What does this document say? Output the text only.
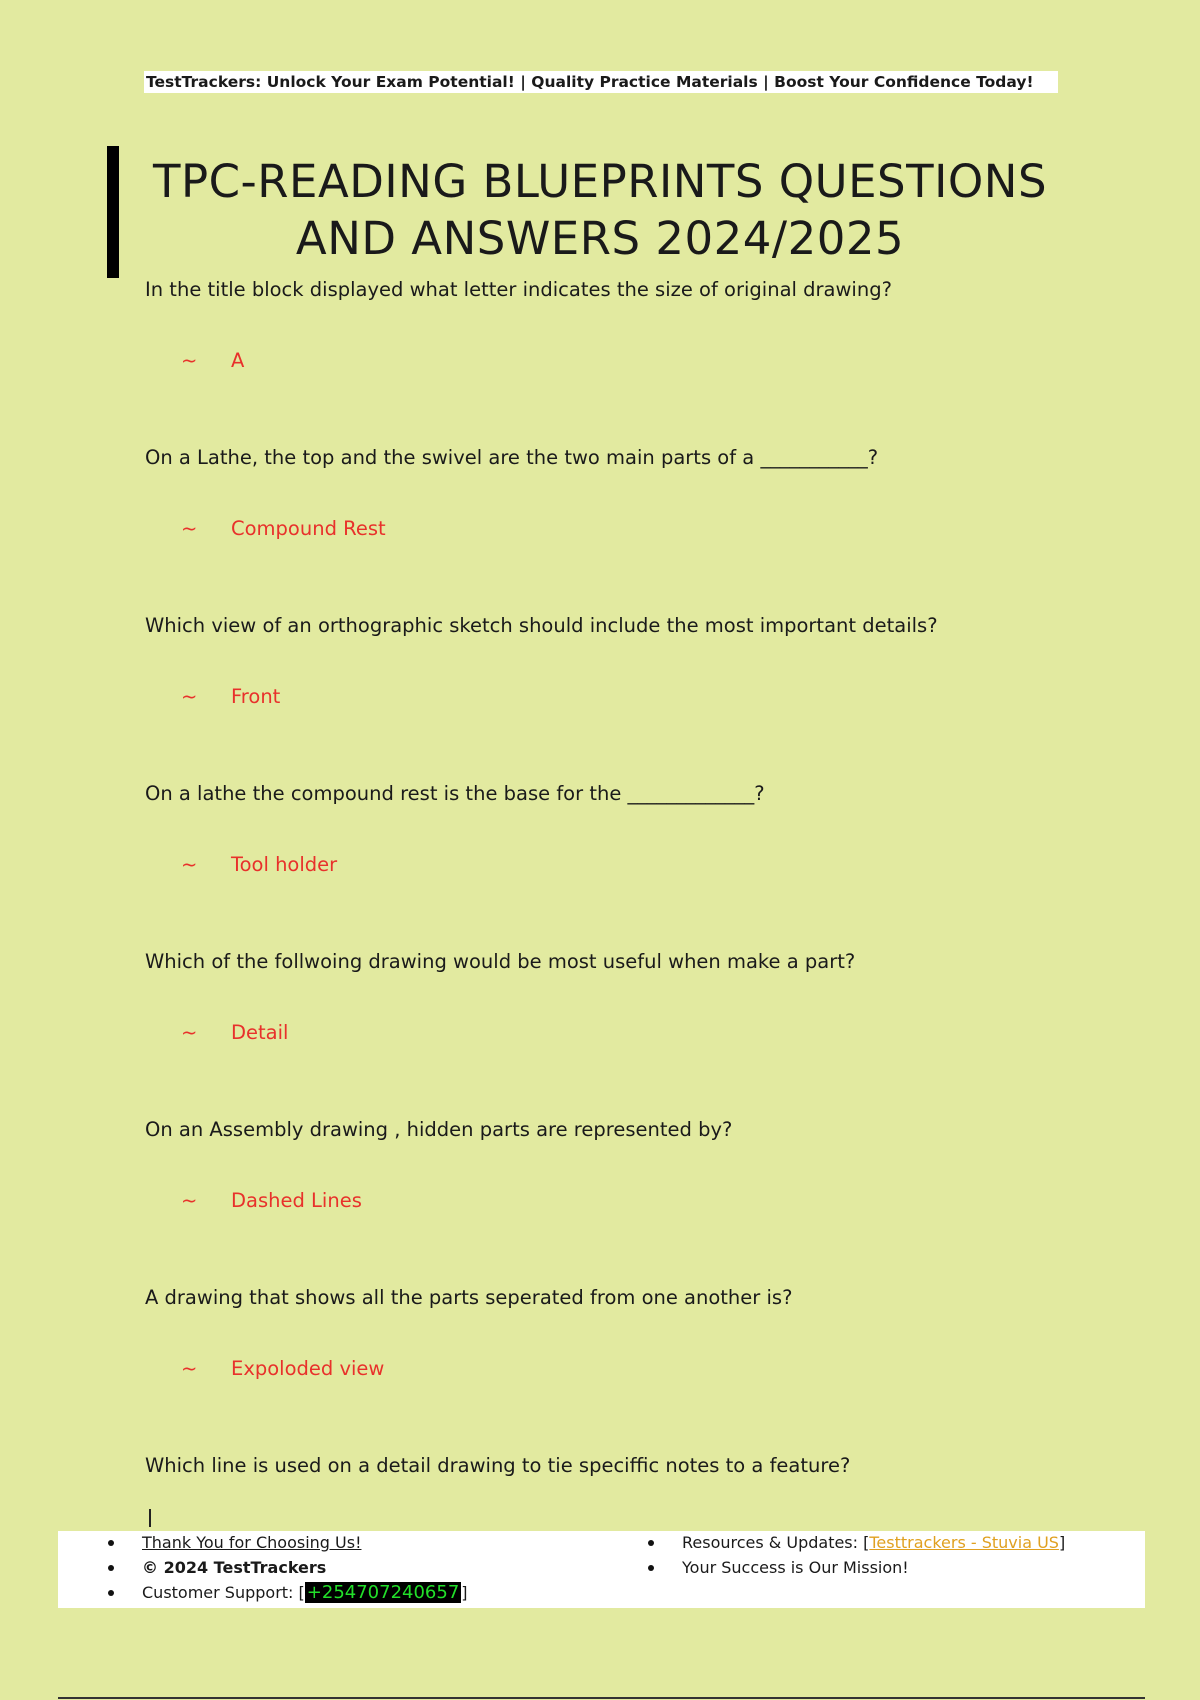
TestTrackers: Unlock Your Exam Potential! | Quality Practice Materials | Boost Your Confidence Today!
TPC-READING BLUEPRINTS QUESTIONS
AND ANSWERS 2024/2025
In the title block displayed what letter indicates the size of original drawing?
~ A
On a Lathe, the top and the swivel are the two main parts of a ___________?
~ Compound Rest
Which view of an orthographic sketch should include the most important details?
~ Front
On a lathe the compound rest is the base for the _____________?
~ Tool holder
Which of the follwoing drawing would be most useful when make a part?
~ Detail
On an Assembly drawing , hidden parts are represented by?
~ Dashed Lines
A drawing that shows all the parts seperated from one another is?
~ Expoloded view
Which line is used on a detail drawing to tie speciffic notes to a feature?
Thank You for Choosing Us!
© 2024 TestTrackers
Customer Support: [ +254707240657 ]
Resources & Updates: [Testtrackers - Stuvia US]
Your Success is Our Mission!
